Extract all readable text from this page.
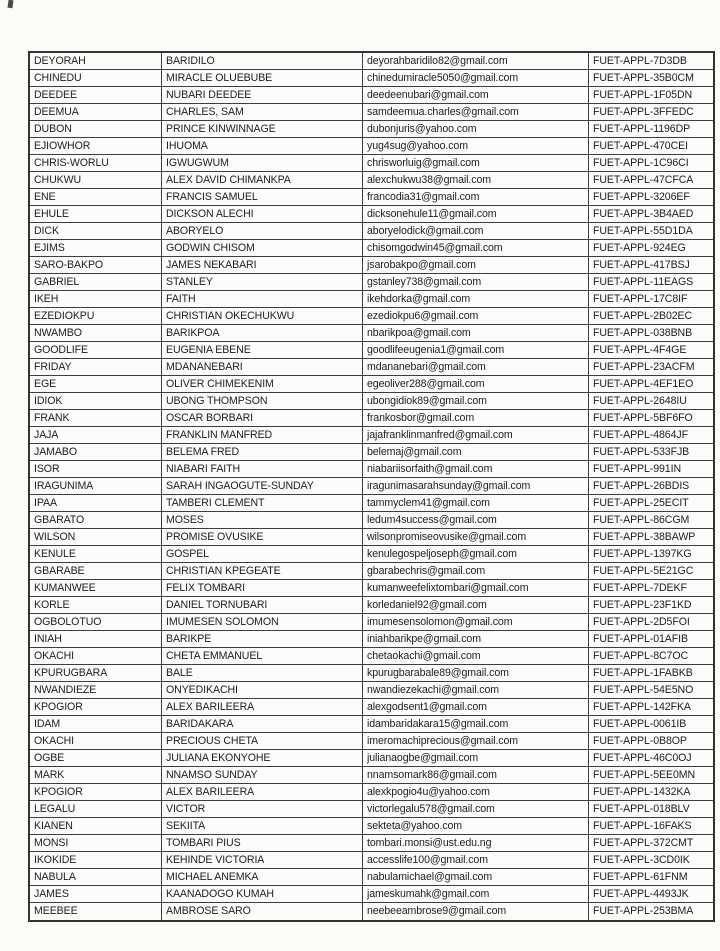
DEYORAH	BARIDILO	deyorahbaridilo82@gmail.com	FUET-APPL-7D3DB
CHINEDU	MIRACLE OLUEBUBE	chinedumiracle5050@gmail.com	FUET-APPL-35B0CM
DEEDEE	NUBARI DEEDEE	deedeenubari@gmail.com	FUET-APPL-1F05DN
DEEMUA	CHARLES, SAM	samdeemua.charles@gmail.com	FUET-APPL-3FFEDC
DUBON	PRINCE KINWINNAGE	dubonjuris@yahoo.com	FUET-APPL-1196DP
EJIOWHOR	IHUOMA	yug4sug@yahoo.com	FUET-APPL-470CEI
CHRIS-WORLU	IGWUGWUM	chrisworluig@gmail.com	FUET-APPL-1C96CI
CHUKWU	ALEX DAVID CHIMANKPA	alexchukwu38@gmail.com	FUET-APPL-47CFCA
ENE	FRANCIS SAMUEL	francodia31@gmail.com	FUET-APPL-3206EF
EHULE	DICKSON ALECHI	dicksonehule11@gmail.com	FUET-APPL-3B4AED
DICK	ABORYELO	aboryelodick@gmail.com	FUET-APPL-55D1DA
EJIMS	GODWIN CHISOM	chisomgodwin45@gmail.com	FUET-APPL-924EG
SARO-BAKPO	JAMES NEKABARI	jsarobakpo@gmail.com	FUET-APPL-417BSJ
GABRIEL	STANLEY	gstanley738@gmail.com	FUET-APPL-11EAGS
IKEH	FAITH	ikehdorka@gmail.com	FUET-APPL-17C8IF
EZEDIOKPU	CHRISTIAN OKECHUKWU	ezediokpu6@gmail.com	FUET-APPL-2B02EC
NWAMBO	BARIKPOA	nbarikpoa@gmail.com	FUET-APPL-038BNB
GOODLIFE	EUGENIA EBENE	goodlifeeugenia1@gmail.com	FUET-APPL-4F4GE
FRIDAY	MDANANEBARI	mdananebari@gmail.com	FUET-APPL-23ACFM
EGE	OLIVER CHIMEKENIM	egeoliver288@gmail.com	FUET-APPL-4EF1EO
IDIOK	UBONG THOMPSON	ubongidiok89@gmail.com	FUET-APPL-2648IU
FRANK	OSCAR BORBARI	frankosbor@gmail.com	FUET-APPL-5BF6FO
JAJA	FRANKLIN MANFRED	jajafranklinmanfred@gmail.com	FUET-APPL-4864JF
JAMABO	BELEMA FRED	belemaj@gmail.com	FUET-APPL-533FJB
ISOR	NIABARI FAITH	niabariisorfaith@gmail.com	FUET-APPL-991IN
IRAGUNIMA	SARAH INGAOGUTE-SUNDAY	iragunimasarahsunday@gmail.com	FUET-APPL-26BDIS
IPAA	TAMBERI CLEMENT	tammyclem41@gmail.com	FUET-APPL-25ECIT
GBARATO	MOSES	ledum4success@gmail.com	FUET-APPL-86CGM
WILSON	PROMISE OVUSIKE	wilsonpromiseovusike@gmail.com	FUET-APPL-38BAWP
KENULE	GOSPEL	kenulegospeljoseph@gmail.com	FUET-APPL-1397KG
GBARABE	CHRISTIAN KPEGEATE	gbarabechris@gmail.com	FUET-APPL-5E21GC
KUMANWEE	FELIX TOMBARI	kumanweefelixtombari@gmail.com	FUET-APPL-7DEKF
KORLE	DANIEL TORNUBARI	korledaniel92@gmail.com	FUET-APPL-23F1KD
OGBOLOTUO	IMUMESEN SOLOMON	imumesensolomon@gmail.com	FUET-APPL-2D5FOI
INIAH	BARIKPE	iniahbarikpe@gmail.com	FUET-APPL-01AFIB
OKACHI	CHETA EMMANUEL	chetaokachi@gmail.com	FUET-APPL-8C7OC
KPURUGBARA	BALE	kpurugbarabale89@gmail.com	FUET-APPL-1FABKB
NWANDIEZE	ONYEDIKACHI	nwandiezekachi@gmail.com	FUET-APPL-54E5NO
KPOGIOR	ALEX BARILEERA	alexgodsent1@gmail.com	FUET-APPL-142FKA
IDAM	BARIDAKARA	idambaridakara15@gmail.com	FUET-APPL-0061IB
OKACHI	PRECIOUS CHETA	imeromachiprecious@gmail.com	FUET-APPL-0B8OP
OGBE	JULIANA EKONYOHE	julianaogbe@gmail.com	FUET-APPL-46C0OJ
MARK	NNAMSO SUNDAY	nnamsomark86@gmail.com	FUET-APPL-5EE0MN
KPOGIOR	ALEX BARILEERA	alexkpogio4u@yahoo.com	FUET-APPL-1432KA
LEGALU	VICTOR	victorlegalu578@gmail.com	FUET-APPL-018BLV
KIANEN	SEKIITA	sekteta@yahoo.com	FUET-APPL-16FAKS
MONSI	TOMBARI PIUS	tombari.monsi@ust.edu.ng	FUET-APPL-372CMT
IKOKIDE	KEHINDE VICTORIA	accesslife100@gmail.com	FUET-APPL-3CD0IK
NABULA	MICHAEL ANEMKA	nabulamichael@gmail.com	FUET-APPL-61FNM
JAMES	KAANADOGO KUMAH	jameskumahk@gmail.com	FUET-APPL-4493JK
MEEBEE	AMBROSE SARO	neebeeambrose9@gmail.com	FUET-APPL-253BMA
